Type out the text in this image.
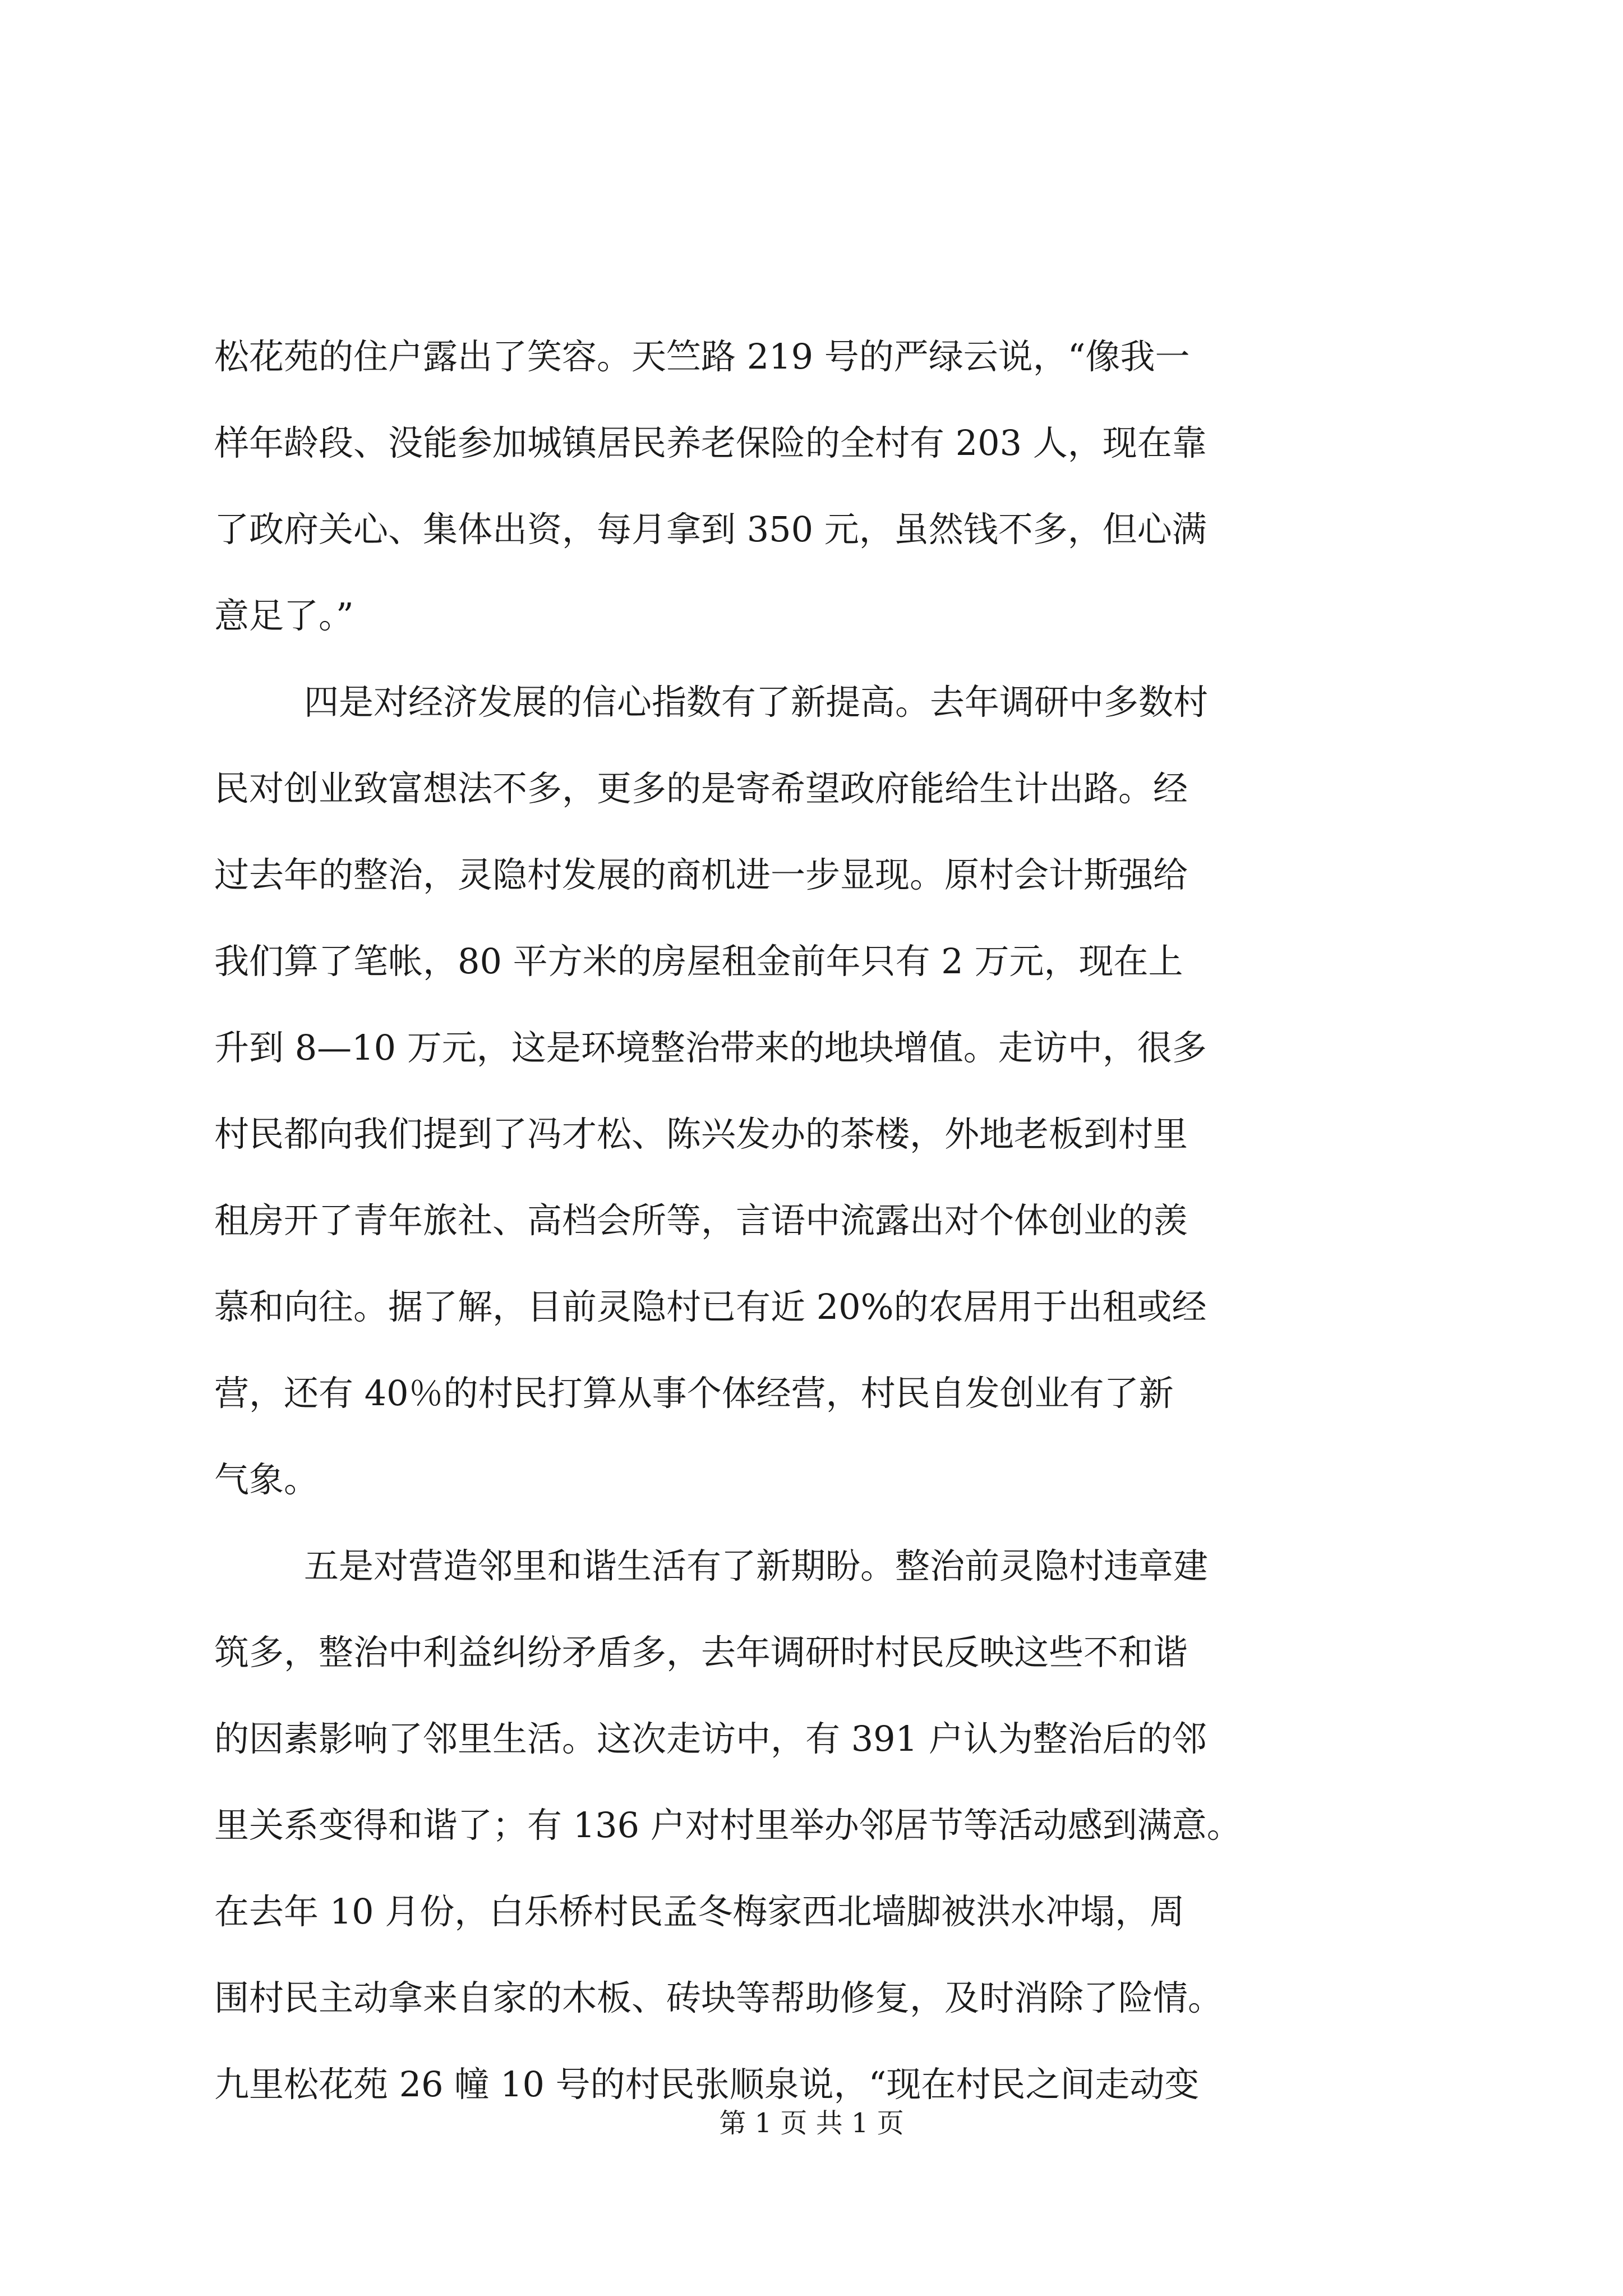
松花苑的住户露出了笑容。天竺路 219 号的严绿云说，“像我一
样年龄段、没能参加城镇居民养老保险的全村有 203 人，现在靠
了政府关心、集体出资，每月拿到 350 元，虽然钱不多，但心满
意足了。”
四是对经济发展的信心指数有了新提高。去年调研中多数村
民对创业致富想法不多，更多的是寄希望政府能给生计出路。经
过去年的整治，灵隐村发展的商机进一步显现。原村会计斯强给
我们算了笔帐，80 平方米的房屋租金前年只有 2 万元，现在上
升到 8—10 万元，这是环境整治带来的地块增值。走访中，很多
村民都向我们提到了冯才松、陈兴发办的茶楼，外地老板到村里
租房开了青年旅社、高档会所等，言语中流露出对个体创业的羡
慕和向往。据了解，目前灵隐村已有近 20%的农居用于出租或经
营，还有 40％的村民打算从事个体经营，村民自发创业有了新
气象。
五是对营造邻里和谐生活有了新期盼。整治前灵隐村违章建
筑多，整治中利益纠纷矛盾多，去年调研时村民反映这些不和谐
的因素影响了邻里生活。这次走访中，有 391 户认为整治后的邻
里关系变得和谐了；有 136 户对村里举办邻居节等活动感到满意。
在去年 10 月份，白乐桥村民孟冬梅家西北墙脚被洪水冲塌，周
围村民主动拿来自家的木板、砖块等帮助修复，及时消除了险情。
九里松花苑 26 幢 10 号的村民张顺泉说，“现在村民之间走动变
第 1 页 共 1 页
